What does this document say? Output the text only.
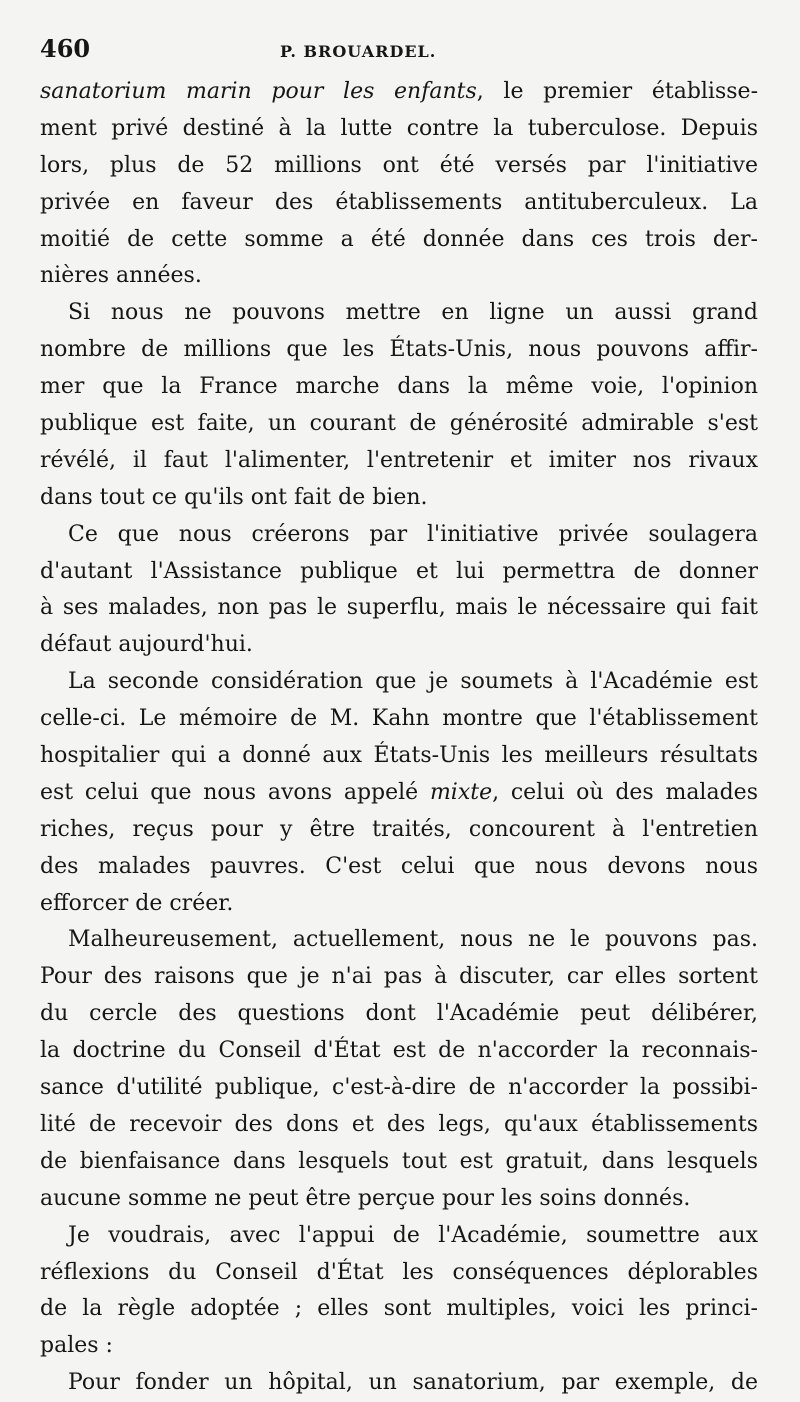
460	P. BROUARDEL.
sanatorium marin pour les enfants, le premier établisse-
ment privé destiné à la lutte contre la tuberculose. Depuis
lors, plus de 52 millions ont été versés par l'initiative
privée en faveur des établissements antituberculeux. La
moitié de cette somme a été donnée dans ces trois der-
nières années.
Si nous ne pouvons mettre en ligne un aussi grand
nombre de millions que les États-Unis, nous pouvons affir-
mer que la France marche dans la même voie, l'opinion
publique est faite, un courant de générosité admirable s'est
révélé, il faut l'alimenter, l'entretenir et imiter nos rivaux
dans tout ce qu'ils ont fait de bien.
Ce que nous créerons par l'initiative privée soulagera
d'autant l'Assistance publique et lui permettra de donner
à ses malades, non pas le superflu, mais le nécessaire qui fait
défaut aujourd'hui.
La seconde considération que je soumets à l'Académie est
celle-ci. Le mémoire de M. Kahn montre que l'établissement
hospitalier qui a donné aux États-Unis les meilleurs résultats
est celui que nous avons appelé mixte, celui où des malades
riches, reçus pour y être traités, concourent à l'entretien
des malades pauvres. C'est celui que nous devons nous
efforcer de créer.
Malheureusement, actuellement, nous ne le pouvons pas.
Pour des raisons que je n'ai pas à discuter, car elles sortent
du cercle des questions dont l'Académie peut délibérer,
la doctrine du Conseil d'État est de n'accorder la reconnais-
sance d'utilité publique, c'est-à-dire de n'accorder la possibi-
lité de recevoir des dons et des legs, qu'aux établissements
de bienfaisance dans lesquels tout est gratuit, dans lesquels
aucune somme ne peut être perçue pour les soins donnés.
Je voudrais, avec l'appui de l'Académie, soumettre aux
réflexions du Conseil d'État les conséquences déplorables
de la règle adoptée ; elles sont multiples, voici les princi-
pales :
Pour fonder un hôpital, un sanatorium, par exemple, de
